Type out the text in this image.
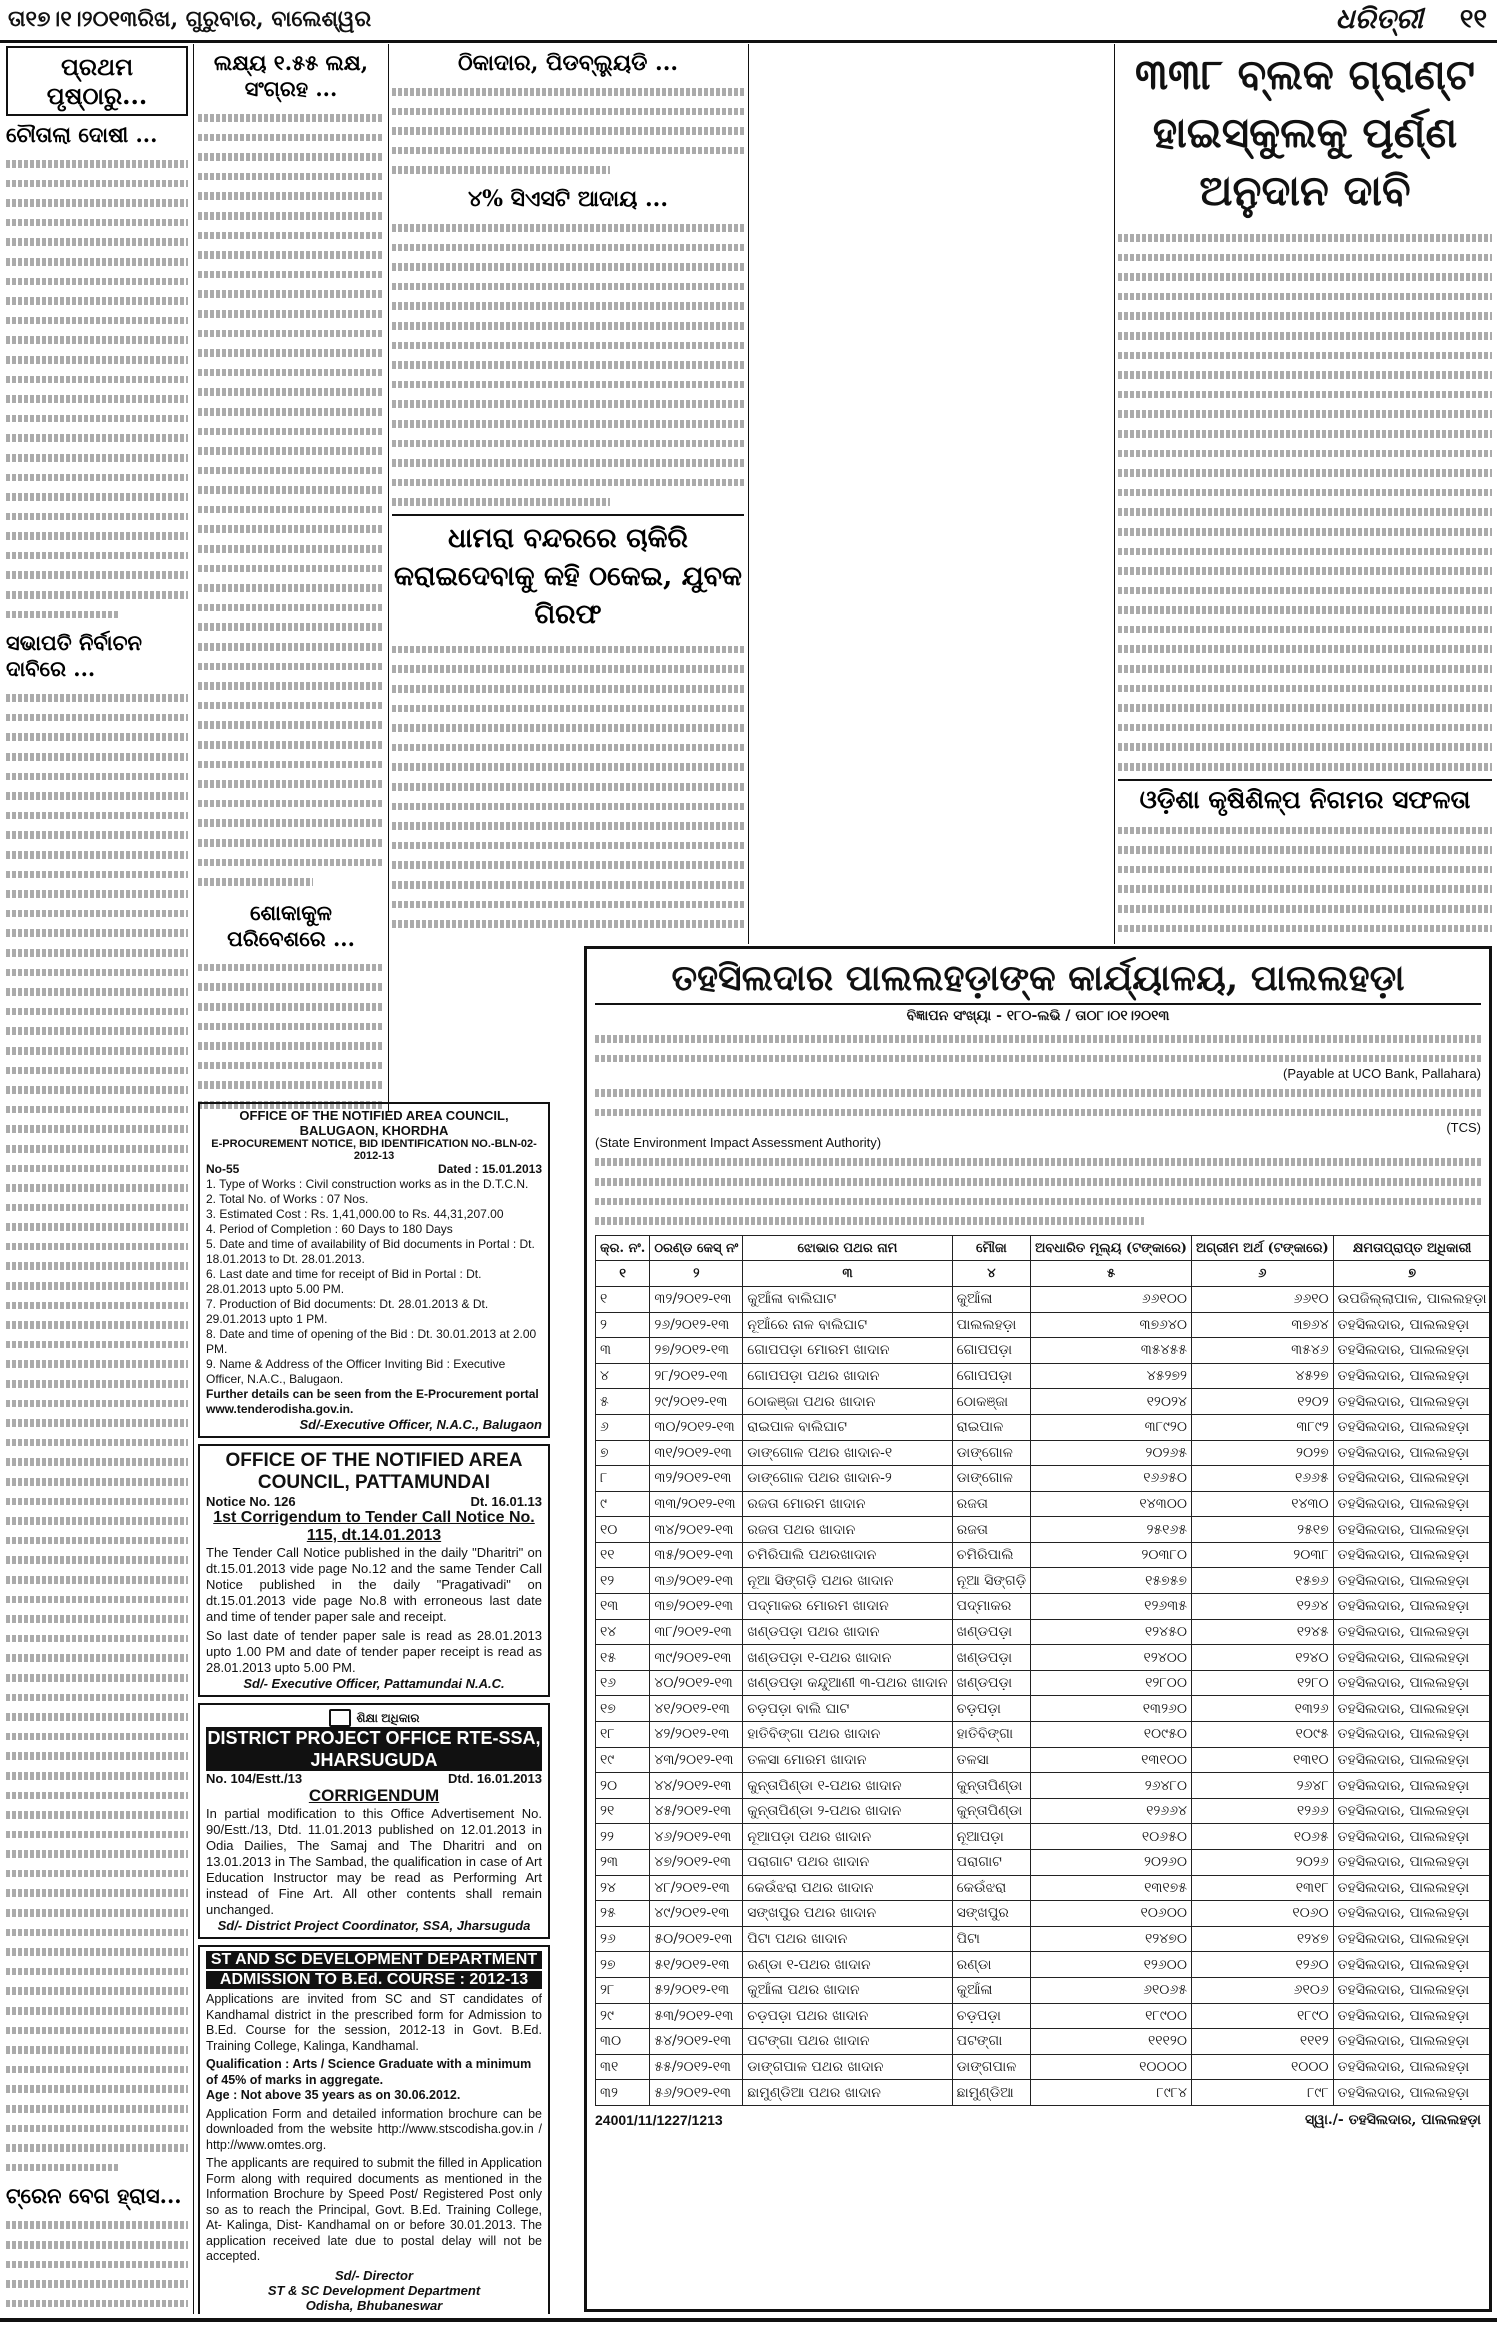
ତା୧୭।୧।୨୦୧୩ରିଖ, ଗୁରୁବାର, ବାଲେଶ୍ୱର	ଧରିତ୍ରୀ ୧୧
ପ୍ରଥମ ପୃଷ୍ଠାରୁ...
ଚୌତାଲା ଦୋଷୀ ...
ସଭାପତି ନିର୍ବାଚନ ଦାବିରେ ...
ଟ୍ରେନ ବେଗ ହ୍ରାସ...
ଲକ୍ଷ୍ୟ ୧.୫୫ ଲକ୍ଷ, ସଂଗ୍ରହ ...
ଶୋକାକୁଳ ପରିବେଶରେ ...
OFFICE OF THE NOTIFIED AREA COUNCIL, BALUGAON, KHORDHA
E-PROCUREMENT NOTICE, BID IDENTIFICATION NO.-BLN-02-2012-13
No-55	Dated : 15.01.2013
1. Type of Works : Civil construction works as in the D.T.C.N.
2. Total No. of Works : 07 Nos.
3. Estimated Cost : Rs. 1,41,000.00 to Rs. 44,31,207.00
4. Period of Completion : 60 Days to 180 Days
5. Date and time of availability of Bid documents in Portal : Dt. 18.01.2013 to Dt. 28.01.2013.
6. Last date and time for receipt of Bid in Portal : Dt. 28.01.2013 upto 5.00 PM.
7. Production of Bid documents: Dt. 28.01.2013 & Dt. 29.01.2013 upto 1 PM.
8. Date and time of opening of the Bid : Dt. 30.01.2013 at 2.00 PM.
9. Name & Address of the Officer Inviting Bid : Executive Officer, N.A.C., Balugaon.
Further details can be seen from the E-Procurement portal www.tenderodisha.gov.in.
Sd/-Executive Officer, N.A.C., Balugaon
OFFICE OF THE NOTIFIED AREA COUNCIL, PATTAMUNDAI
Notice No. 126	Dt. 16.01.13
1st Corrigendum to Tender Call Notice No. 115, dt.14.01.2013
The Tender Call Notice published in the daily "Dharitri" on dt.15.01.2013 vide page No.12 and the same Tender Call Notice published in the daily "Pragativadi" on dt.15.01.2013 vide page No.8 with erroneous last date and time of tender paper sale and receipt.
So last date of tender paper sale is read as 28.01.2013 upto 1.00 PM and date of tender paper receipt is read as 28.01.2013 upto 5.00 PM.
Sd/- Executive Officer, Pattamundai N.A.C.
ଶିକ୍ଷା ଅଧିକାର
DISTRICT PROJECT OFFICE RTE-SSA, JHARSUGUDA
No. 104/Estt./13	Dtd. 16.01.2013
CORRIGENDUM
In partial modification to this Office Advertisement No. 90/Estt./13, Dtd. 11.01.2013 published on 12.01.2013 in Odia Dailies, The Samaj and The Dharitri and on 13.01.2013 in The Sambad, the qualification in case of Art Education Instructor may be read as Performing Art instead of Fine Art. All other contents shall remain unchanged.
Sd/- District Project Coordinator, SSA, Jharsuguda
ST AND SC DEVELOPMENT DEPARTMENT
ADMISSION TO B.Ed. COURSE : 2012-13
Applications are invited from SC and ST candidates of Kandhamal district in the prescribed form for Admission to B.Ed. Course for the session, 2012-13 in Govt. B.Ed. Training College, Kalinga, Kandhamal.
Qualification : Arts / Science Graduate with a minimum of 45% of marks in aggregate.
Age : Not above 35 years as on 30.06.2012.
Application Form and detailed information brochure can be downloaded from the website http://www.stscodisha.gov.in / http://www.omtes.org.
The applicants are required to submit the filled in Application Form along with required documents as mentioned in the Information Brochure by Speed Post/ Registered Post only so as to reach the Principal, Govt. B.Ed. Training College, At- Kalinga, Dist- Kandhamal on or before 30.01.2013. The application received late due to postal delay will not be accepted.
Sd/- Director
ST & SC Development Department
Odisha, Bhubaneswar
ଠିକାଦାର, ପିଡବ୍ଲ୍ୟୁଡି ...
୪% ସିଏସଟି ଆଦାୟ ...
ଧାମରା ବନ୍ଦରରେ ଚାକିରି କରାଇଦେବାକୁ କହି ଠକେଇ, ଯୁବକ ଗିରଫ
୩୩୮ ବ୍ଲକ ଗ୍ରାଣ୍ଟ ହାଇସ୍କୁଲକୁ ପୂର୍ଣ୍ଣ ଅନୁଦାନ ଦାବି
ଓଡ଼ିଶା କୃଷିଶିଳ୍ପ ନିଗମର ସଫଳତା
ତହସିଲଦାର ପାଲଲହଡ଼ାଙ୍କ କାର୍ଯ୍ୟାଳୟ, ପାଲଲହଡ଼ା
ବିଜ୍ଞାପନ ସଂଖ୍ୟା - ୧୮୦-ଲଭି / ତା୦୮।୦୧।୨୦୧୩
(Payable at UCO Bank, Pallahara)
(TCS)
(State Environment Impact Assessment Authority)
କ୍ର. ନଂ.	ଠରଣ୍ଡ କେସ୍ ନଂ	ଝୋଭାର ପଥର ନାମ	ମୌଜା	ଅବଧାରିତ ମୂଲ୍ୟ (ଟଙ୍କାରେ)	ଅଗ୍ରୀମ ଅର୍ଥ (ଟଙ୍କାରେ)	କ୍ଷମତାପ୍ରାପ୍ତ ଅଧିକାରୀ
୧	୨	୩	୪	୫	୬	୭
୧	୩୨/୨୦୧୨-୧୩	କୁଆଁଳା ବାଲିଘାଟ	କୁଆଁଳା	୬୬୧୦୦	୬୬୧୦	ଉପଜିଲ୍ଲାପାଳ, ପାଲଲହଡ଼ା
୨	୨୬/୨୦୧୨-୧୩	ନୂଆଁରେ ନାଳ ବାଲିଘାଟ	ପାଲଲହଡ଼ା	୩୭୬୪୦	୩୭୬୪	ତହସିଲଦାର, ପାଲଲହଡ଼ା
୩	୨୭/୨୦୧୨-୧୩	ଗୋପପଡ଼ା ମୋରମ ଖାଦାନ	ଗୋପପଡ଼ା	୩୫୪୫୫	୩୫୪୬	ତହସିଲଦାର, ପାଲଲହଡ଼ା
୪	୨୮/୨୦୧୨-୧୩	ଗୋପପଡ଼ା ପଥର ଖାଦାନ	ଗୋପପଡ଼ା	୪୫୨୭୨	୪୫୨୭	ତହସିଲଦାର, ପାଲଲହଡ଼ା
୫	୨୯/୨୦୧୨-୧୩	ଠୋକଞ୍ଜା ପଥର ଖାଦାନ	ଠୋକଞ୍ଜା	୧୨୦୨୪	୧୨୦୨	ତହସିଲଦାର, ପାଲଲହଡ଼ା
୬	୩୦/୨୦୧୨-୧୩	ରାଇପାଳ ବାଲିଘାଟ	ରାଇପାଳ	୩୮୯୨୦	୩୮୯୨	ତହସିଲଦାର, ପାଲଲହଡ଼ା
୭	୩୧/୨୦୧୨-୧୩	ଡାଙ୍ଗୋଳ ପଥର ଖାଦାନ-୧	ଡାଙ୍ଗୋଳ	୨୦୨୬୫	୨୦୨୭	ତହସିଲଦାର, ପାଲଲହଡ଼ା
୮	୩୨/୨୦୧୨-୧୩	ଡାଙ୍ଗୋଳ ପଥର ଖାଦାନ-୨	ଡାଙ୍ଗୋଳ	୧୬୬୫୦	୧୬୬୫	ତହସିଲଦାର, ପାଲଲହଡ଼ା
୯	୩୩/୨୦୧୨-୧୩	ରଜତା ମୋରମ ଖାଦାନ	ରଜତା	୧୪୩୦୦	୧୪୩୦	ତହସିଲଦାର, ପାଲଲହଡ଼ା
୧୦	୩୪/୨୦୧୨-୧୩	ରଜତା ପଥର ଖାଦାନ	ରଜତା	୨୫୧୬୫	୨୫୧୭	ତହସିଲଦାର, ପାଲଲହଡ଼ା
୧୧	୩୫/୨୦୧୨-୧୩	ଚମିରିପାଲି ପଥରଖାଦାନ	ଚମିରିପାଲି	୨୦୩୮୦	୨୦୩୮	ତହସିଲଦାର, ପାଲଲହଡ଼ା
୧୨	୩୬/୨୦୧୨-୧୩	ନୂଆ ସିଙ୍ଗଡ଼ି ପଥର ଖାଦାନ	ନୂଆ ସିଙ୍ଗଡ଼ି	୧୫୭୫୭	୧୫୭୬	ତହସିଲଦାର, ପାଲଲହଡ଼ା
୧୩	୩୭/୨୦୧୨-୧୩	ପଦ୍ମାକର ମୋରମ ଖାଦାନ	ପଦ୍ମାକର	୧୨୬୩୫	୧୨୬୪	ତହସିଲଦାର, ପାଲଲହଡ଼ା
୧୪	୩୮/୨୦୧୨-୧୩	ଖଣ୍ଡପଡ଼ା ପଥର ଖାଦାନ	ଖଣ୍ଡପଡ଼ା	୧୨୪୫୦	୧୨୪୫	ତହସିଲଦାର, ପାଲଲହଡ଼ା
୧୫	୩୯/୨୦୧୨-୧୩	ଖଣ୍ଡପଡ଼ା ୧-ପଥର ଖାଦାନ	ଖଣ୍ଡପଡ଼ା	୧୨୪୦୦	୧୨୪୦	ତହସିଲଦାର, ପାଲଲହଡ଼ା
୧୬	୪୦/୨୦୧୨-୧୩	ଖଣ୍ଡପଡ଼ା କନ୍ଦୁଆଣୀ ୩-ପଥର ଖାଦାନ	ଖଣ୍ଡପଡ଼ା	୧୨୮୦୦	୧୨୮୦	ତହସିଲଦାର, ପାଲଲହଡ଼ା
୧୭	୪୧/୨୦୧୨-୧୩	ଚଡ଼ପଡ଼ା ବାଲି ଘାଟ	ଚଡ଼ପଡ଼ା	୧୩୨୬୦	୧୩୨୬	ତହସିଲଦାର, ପାଲଲହଡ଼ା
୧୮	୪୨/୨୦୧୨-୧୩	ହାତିବିଙ୍ଗା ପଥର ଖାଦାନ	ହାତିବିଙ୍ଗା	୧୦୯୫୦	୧୦୯୫	ତହସିଲଦାର, ପାଲଲହଡ଼ା
୧୯	୪୩/୨୦୧୨-୧୩	ତଳସା ମୋରମ ଖାଦାନ	ତଳସା	୧୩୧୦୦	୧୩୧୦	ତହସିଲଦାର, ପାଲଲହଡ଼ା
୨୦	୪୪/୨୦୧୨-୧୩	କୁନ୍ତାପିଣ୍ଡା ୧-ପଥର ଖାଦାନ	କୁନ୍ତାପିଣ୍ଡା	୨୬୪୮୦	୨୬୪୮	ତହସିଲଦାର, ପାଲଲହଡ଼ା
୨୧	୪୫/୨୦୧୨-୧୩	କୁନ୍ତାପିଣ୍ଡା ୨-ପଥର ଖାଦାନ	କୁନ୍ତାପିଣ୍ଡା	୧୨୬୬୪	୧୨୬୬	ତହସିଲଦାର, ପାଲଲହଡ଼ା
୨୨	୪୬/୨୦୧୨-୧୩	ନୂଆପଡ଼ା ପଥର ଖାଦାନ	ନୂଆପଡ଼ା	୧୦୬୫୦	୧୦୬୫	ତହସିଲଦାର, ପାଲଲହଡ଼ା
୨୩	୪୭/୨୦୧୨-୧୩	ପରାଗାଟ ପଥର ଖାଦାନ	ପରାଗାଟ	୨୦୨୬୦	୨୦୨୬	ତହସିଲଦାର, ପାଲଲହଡ଼ା
୨୪	୪୮/୨୦୧୨-୧୩	କେଉଁଝରା ପଥର ଖାଦାନ	କେଉଁଝରା	୧୩୧୭୫	୧୩୧୮	ତହସିଲଦାର, ପାଲଲହଡ଼ା
୨୫	୪୯/୨୦୧୨-୧୩	ସଙ୍ଖପୁର ପଥର ଖାଦାନ	ସଙ୍ଖପୁର	୧୦୬୦୦	୧୦୬୦	ତହସିଲଦାର, ପାଲଲହଡ଼ା
୨୬	୫୦/୨୦୧୨-୧୩	ପିଟା ପଥର ଖାଦାନ	ପିଟା	୧୨୪୭୦	୧୨୪୭	ତହସିଲଦାର, ପାଲଲହଡ଼ା
୨୭	୫୧/୨୦୧୨-୧୩	ରଣ୍ଡା ୧-ପଥର ଖାଦାନ	ରଣ୍ଡା	୧୨୬୦୦	୧୨୬୦	ତହସିଲଦାର, ପାଲଲହଡ଼ା
୨୮	୫୨/୨୦୧୨-୧୩	କୁଆଁଳା ପଥର ଖାଦାନ	କୁଆଁଳା	୬୧୦୬୫	୬୧୦୬	ତହସିଲଦାର, ପାଲଲହଡ଼ା
୨୯	୫୩/୨୦୧୨-୧୩	ଚଡ଼ପଡ଼ା ପଥର ଖାଦାନ	ଚଡ଼ପଡ଼ା	୧୮୯୦୦	୧୮୯୦	ତହସିଲଦାର, ପାଲଲହଡ଼ା
୩୦	୫୪/୨୦୧୨-୧୩	ପଟଙ୍ଗା ପଥର ଖାଦାନ	ପଟଙ୍ଗା	୧୧୧୨୦	୧୧୧୨	ତହସିଲଦାର, ପାଲଲହଡ଼ା
୩୧	୫୫/୨୦୧୨-୧୩	ଡାଙ୍ଗପାଳ ପଥର ଖାଦାନ	ଡାଙ୍ଗପାଳ	୧୦୦୦୦	୧୦୦୦	ତହସିଲଦାର, ପାଲଲହଡ଼ା
୩୨	୫୬/୨୦୧୨-୧୩	ଛାମୁଣ୍ଡିଆ ପଥର ଖାଦାନ	ଛାମୁଣ୍ଡିଆ	୮୯୮୪	୮୯୮	ତହସିଲଦାର, ପାଲଲହଡ଼ା
24001/11/1227/1213	ସ୍ୱା./- ତହସିଲଦାର, ପାଲଲହଡ଼ା
